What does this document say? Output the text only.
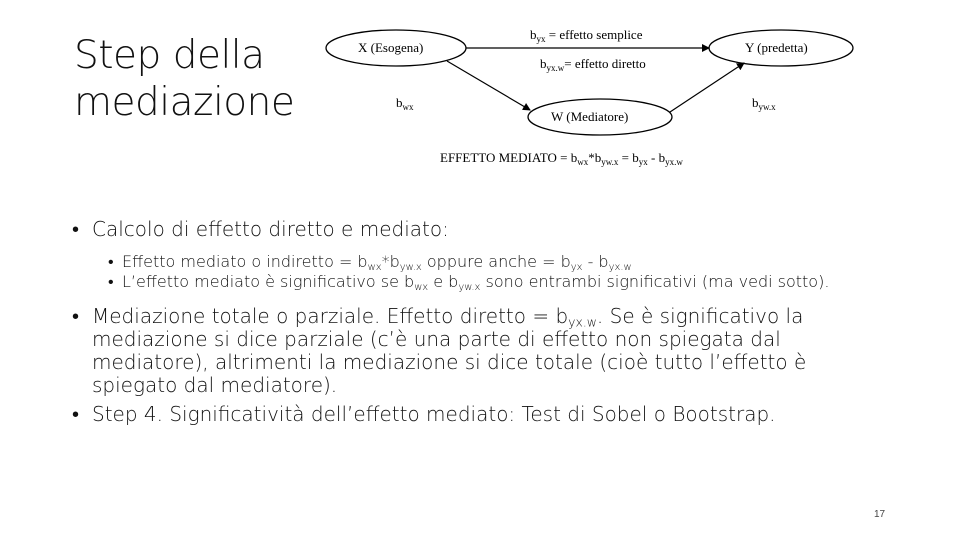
Step della
mediazione
X (Esogena)	Y (predetta)
W (Mediatore)
$b_{yx}$ = effetto semplice
$b_{yx.w}=$ effetto diretto
$b_{wx}$	$b_{yw.x}$
EFFETTO MEDIATO = $b_{wx}*b_{yw.x} = b_{yx} - b_{yx.w}$
• Calcolo di effetto diretto e mediato:
• Effetto mediato o indiretto = $b_{wx}*b_{yw.x}$ oppure anche = $b_{yx} - b_{yx.w}$
• L’effetto mediato è significativo se $b_{wx}$ e $b_{yw.x}$ sono entrambi significativi (ma vedi sotto).
• Mediazione totale o parziale. Effetto diretto = $b_{yx.w}$. Se è significativo la mediazione si dice parziale (c’è una parte di effetto non spiegata dal mediatore), altrimenti la mediazione si dice totale (cioè tutto l’effetto è spiegato dal mediatore).
• Step 4. Significatività dell’effetto mediato: Test di Sobel o Bootstrap.
17
